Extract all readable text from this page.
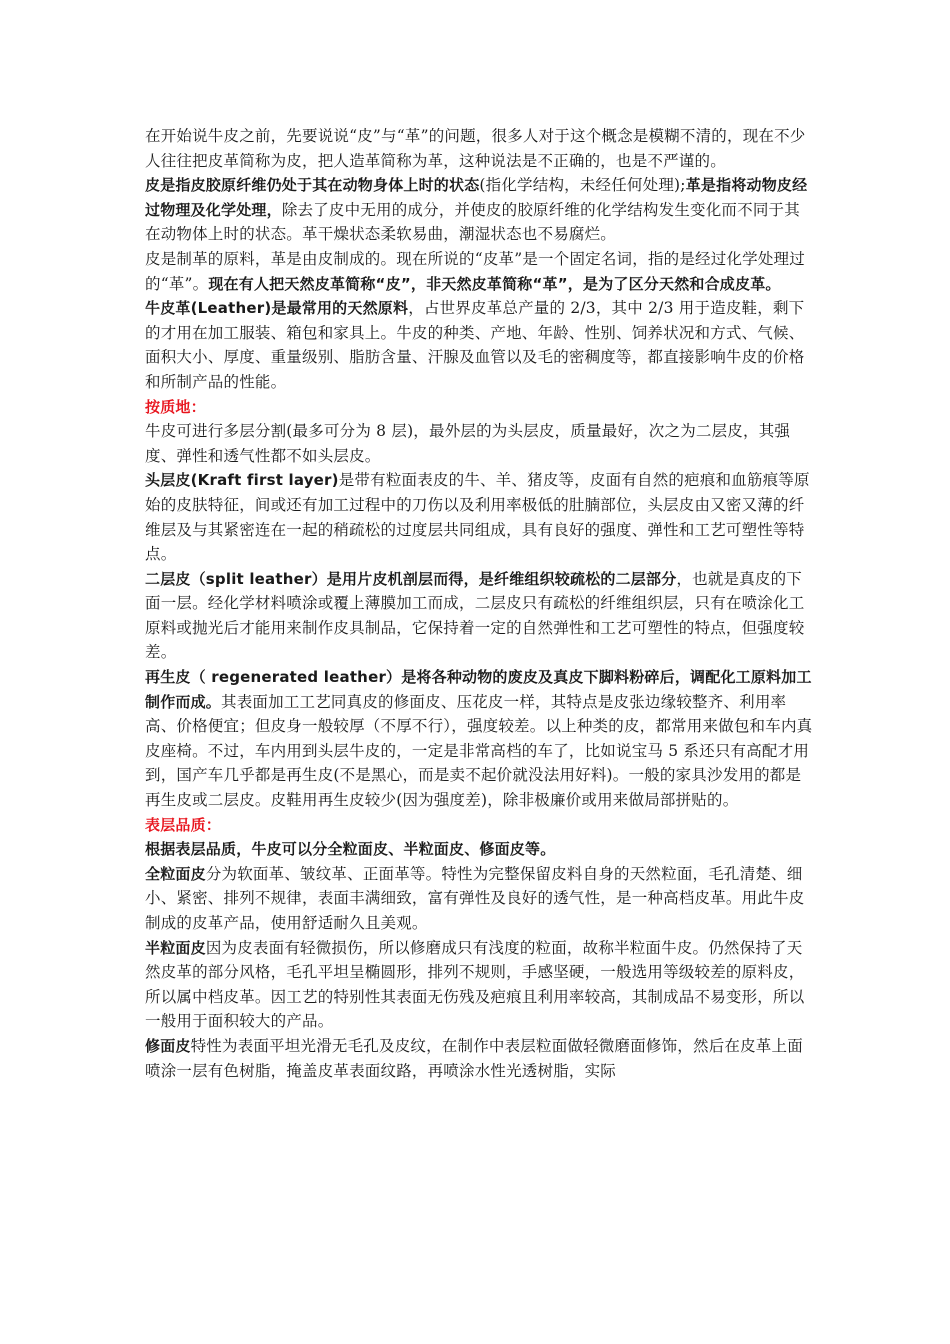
在开始说牛皮之前，先要说说“皮”与“革”的问题，很多人对于这个概念是模糊不清的，现在不少人往往把皮革简称为皮，把人造革简称为革，这种说法是不正确的，也是不严谨的。

皮是指皮胶原纤维仍处于其在动物身体上时的状态(指化学结构，未经任何处理);革是指将动物皮经过物理及化学处理，除去了皮中无用的成分，并使皮的胶原纤维的化学结构发生变化而不同于其在动物体上时的状态。革干燥状态柔软易曲，潮湿状态也不易腐烂。

皮是制革的原料，革是由皮制成的。现在所说的“皮革”是一个固定名词，指的是经过化学处理过的“革”。现在有人把天然皮革简称“皮”，非天然皮革简称“革”，是为了区分天然和合成皮革。

牛皮革(Leather)是最常用的天然原料，占世界皮革总产量的 2/3，其中 2/3 用于造皮鞋，剩下的才用在加工服装、箱包和家具上。牛皮的种类、产地、年龄、性别、饲养状况和方式、气候、面积大小、厚度、重量级别、脂肪含量、汗腺及血管以及毛的密稠度等，都直接影响牛皮的价格和所制产品的性能。

按质地：

牛皮可进行多层分割(最多可分为 8 层)，最外层的为头层皮，质量最好，次之为二层皮，其强度、弹性和透气性都不如头层皮。

头层皮(Kraft first layer)是带有粒面表皮的牛、羊、猪皮等，皮面有自然的疤痕和血筋痕等原始的皮肤特征，间或还有加工过程中的刀伤以及利用率极低的肚腩部位，头层皮由又密又薄的纤维层及与其紧密连在一起的稍疏松的过度层共同组成，具有良好的强度、弹性和工艺可塑性等特点。

二层皮（split leather）是用片皮机剖层而得，是纤维组织较疏松的二层部分，也就是真皮的下面一层。经化学材料喷涂或覆上薄膜加工而成，二层皮只有疏松的纤维组织层，只有在喷涂化工原料或抛光后才能用来制作皮具制品，它保持着一定的自然弹性和工艺可塑性的特点，但强度较差。

再生皮（ regenerated leather）是将各种动物的废皮及真皮下脚料粉碎后，调配化工原料加工制作而成。其表面加工工艺同真皮的修面皮、压花皮一样，其特点是皮张边缘较整齐、利用率高、价格便宜；但皮身一般较厚（不厚不行），强度较差。以上种类的皮，都常用来做包和车内真皮座椅。不过，车内用到头层牛皮的，一定是非常高档的车了，比如说宝马 5 系还只有高配才用到，国产车几乎都是再生皮(不是黑心，而是卖不起价就没法用好料)。一般的家具沙发用的都是再生皮或二层皮。皮鞋用再生皮较少(因为强度差)，除非极廉价或用来做局部拼贴的。

表层品质：

根据表层品质，牛皮可以分全粒面皮、半粒面皮、修面皮等。

全粒面皮分为软面革、皱纹革、正面革等。特性为完整保留皮料自身的天然粒面，毛孔清楚、细小、紧密、排列不规律，表面丰满细致，富有弹性及良好的透气性，是一种高档皮革。用此牛皮制成的皮革产品，使用舒适耐久且美观。

半粒面皮因为皮表面有轻微损伤，所以修磨成只有浅度的粒面，故称半粒面牛皮。仍然保持了天然皮革的部分风格，毛孔平坦呈椭圆形，排列不规则，手感坚硬，一般选用等级较差的原料皮，所以属中档皮革。因工艺的特别性其表面无伤残及疤痕且利用率较高，其制成品不易变形，所以一般用于面积较大的产品。

修面皮特性为表面平坦光滑无毛孔及皮纹，在制作中表层粒面做轻微磨面修饰，然后在皮革上面喷涂一层有色树脂，掩盖皮革表面纹路，再喷涂水性光透树脂，实际
